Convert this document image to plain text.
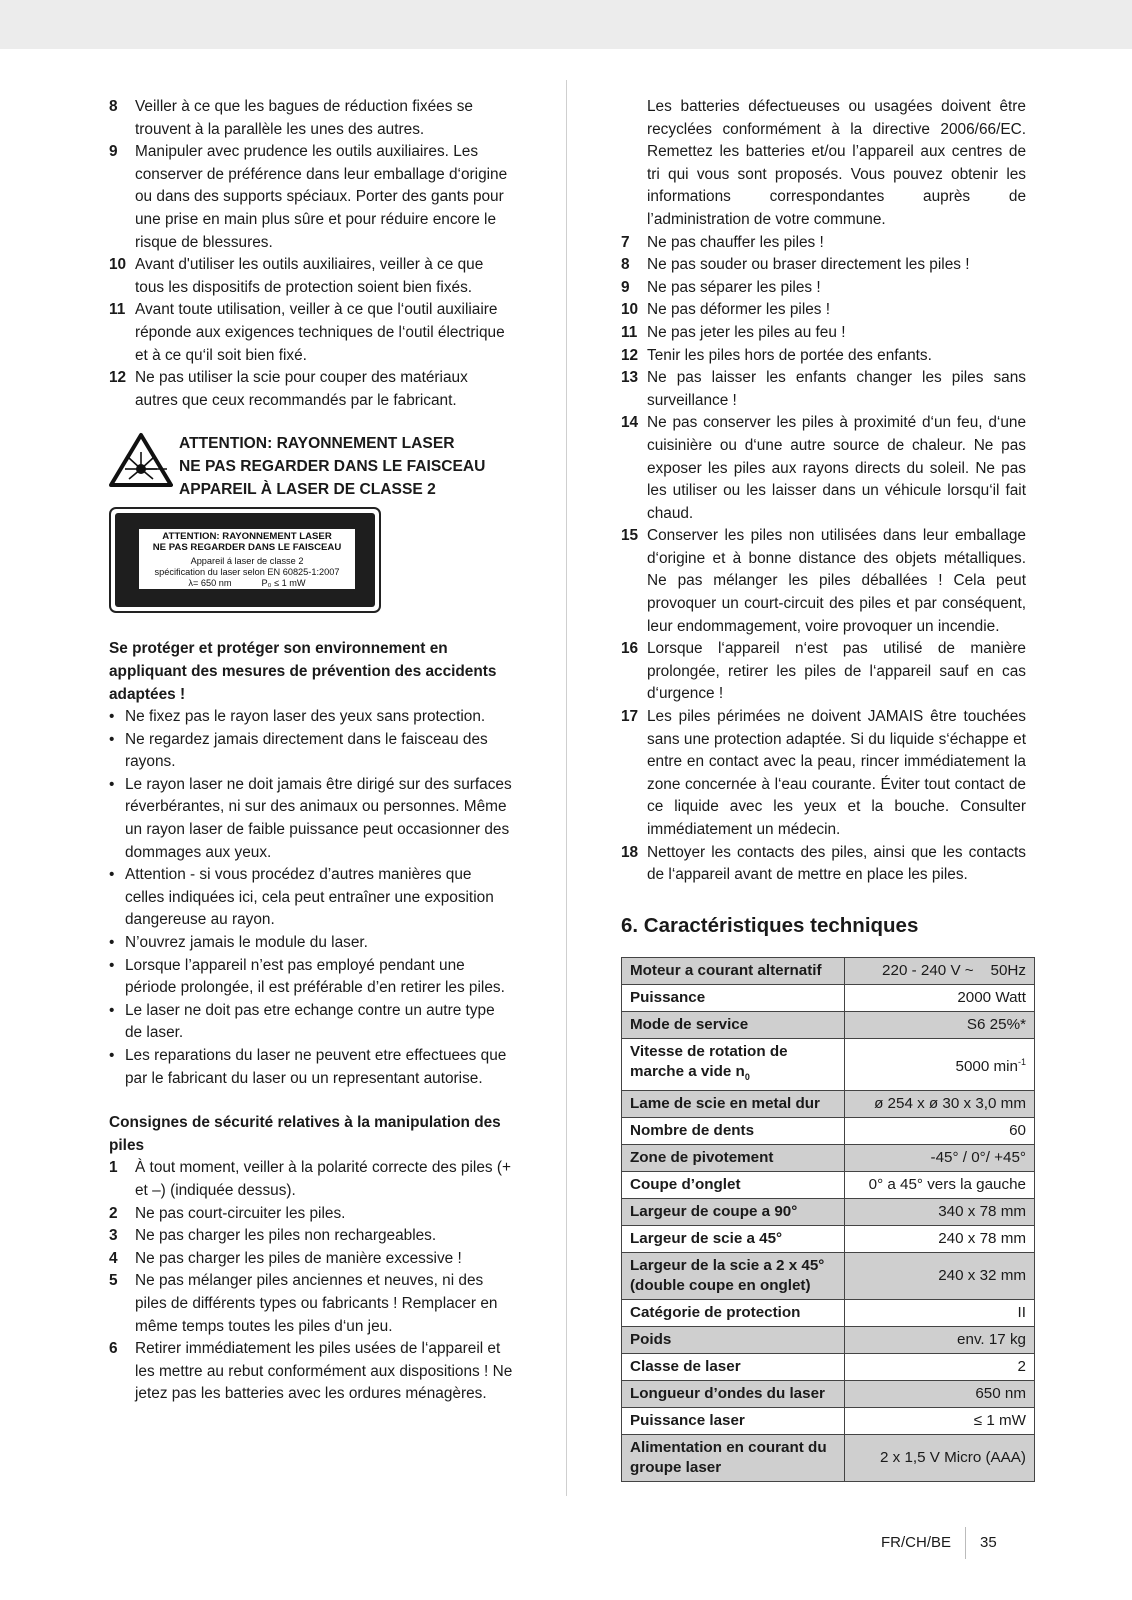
8	Veiller à ce que les bagues de réduction fixées se trouvent à la parallèle les unes des autres.
9	Manipuler avec prudence les outils auxiliaires. Les conserver de préférence dans leur emballage d‘origine ou dans des supports spéciaux. Porter des gants pour une prise en main plus sûre et pour réduire encore le risque de blessures.
10 Avant d'utiliser les outils auxiliaires, veiller à ce que tous les dispositifs de protection soient bien fixés.
11 Avant toute utilisation, veiller à ce que l‘outil auxiliaire réponde aux exigences techniques de l‘outil électrique et à ce qu‘il soit bien fixé.
12 Ne pas utiliser la scie pour couper des matériaux autres que ceux recommandés par le fabricant.
ATTENTION: RAYONNEMENT LASER
NE PAS REGARDER DANS LE FAISCEAU
APPAREIL À LASER DE CLASSE 2
ATTENTION: RAYONNEMENT LASER
NE PAS REGARDER DANS LE FAISCEAU
Appareil á laser de classe 2
spécification du laser selon EN 60825-1:2007
λ= 650 nm	P₀ ≤ 1 mW
Se protéger et protéger son environnement en appliquant des mesures de prévention des accidents adaptées !
• Ne fixez pas le rayon laser des yeux sans protection.
• Ne regardez jamais directement dans le faisceau des rayons.
• Le rayon laser ne doit jamais être dirigé sur des surfaces réverbérantes, ni sur des animaux ou personnes. Même un rayon laser de faible puissance peut occasionner des dommages aux yeux.
• Attention - si vous procédez d’autres manières que celles indiquées ici, cela peut entraîner une exposition dangereuse au rayon.
• N’ouvrez jamais le module du laser.
• Lorsque l’appareil n’est pas employé pendant une période prolongée, il est préférable d’en retirer les piles.
• Le laser ne doit pas etre echange contre un autre type de laser.
• Les reparations du laser ne peuvent etre effectuees que par le fabricant du laser ou un representant autorise.
Consignes de sécurité relatives à la manipulation des piles
1	À tout moment, veiller à la polarité correcte des piles (+ et –) (indiquée dessus).
2	Ne pas court-circuiter les piles.
3	Ne pas charger les piles non rechargeables.
4	Ne pas charger les piles de manière excessive !
5	Ne pas mélanger piles anciennes et neuves, ni des piles de différents types ou fabricants ! Remplacer en même temps toutes les piles d‘un jeu.
6	Retirer immédiatement les piles usées de l‘appareil et les mettre au rebut conformément aux dispositions ! Ne jetez pas les batteries avec les ordures ménagères.
Les batteries défectueuses ou usagées doivent être recyclées conformément à la directive 2006/66/EC. Remettez les batteries et/ou l’appareil aux centres de tri qui vous sont proposés. Vous pouvez obtenir les informations correspondantes auprès de l’administration de votre commune.
7	Ne pas chauffer les piles !
8	Ne pas souder ou braser directement les piles !
9	Ne pas séparer les piles !
10 Ne pas déformer les piles !
11 Ne pas jeter les piles au feu !
12 Tenir les piles hors de portée des enfants.
13 Ne pas laisser les enfants changer les piles sans surveillance !
14 Ne pas conserver les piles à proximité d‘un feu, d‘une cuisinière ou d‘une autre source de chaleur. Ne pas exposer les piles aux rayons directs du soleil. Ne pas les utiliser ou les laisser dans un véhicule lorsqu‘il fait chaud.
15 Conserver les piles non utilisées dans leur emballage d‘origine et à bonne distance des objets métalliques. Ne pas mélanger les piles déballées ! Cela peut provoquer un court-circuit des piles et par conséquent, leur endommagement, voire provoquer un incendie.
16 Lorsque l‘appareil n‘est pas utilisé de manière prolongée, retirer les piles de l‘appareil sauf en cas d‘urgence !
17 Les piles périmées ne doivent JAMAIS être touchées sans une protection adaptée. Si du liquide s‘échappe et entre en contact avec la peau, rincer immédiatement la zone concernée à l‘eau courante. Éviter tout contact de ce liquide avec les yeux et la bouche. Consulter immédiatement un médecin.
18 Nettoyer les contacts des piles, ainsi que les contacts de l‘appareil avant de mettre en place les piles.
6. Caractéristiques techniques
Moteur a courant alternatif	220 - 240 V ~    50Hz
Puissance	2000 Watt
Mode de service	S6 25%*
Vitesse de rotation de marche a vide $n_0$	5000 $\min^{-1}$
Lame de scie en metal dur	ø 254 x ø 30 x 3,0 mm
Nombre de dents	60
Zone de pivotement	-45° / 0°/ +45°
Coupe d’onglet	0° a 45° vers la gauche
Largeur de coupe a 90°	340 x 78 mm
Largeur de scie a 45°	240 x 78 mm
Largeur de la scie a 2 x 45° (double coupe en onglet)	240 x 32 mm
Catégorie de protection	II
Poids	env. 17 kg
Classe de laser	2
Longueur d’ondes du laser	650 nm
Puissance laser	≤ 1 mW
Alimentation en courant du groupe laser	2 x 1,5 V Micro (AAA)
FR/CH/BE 35
